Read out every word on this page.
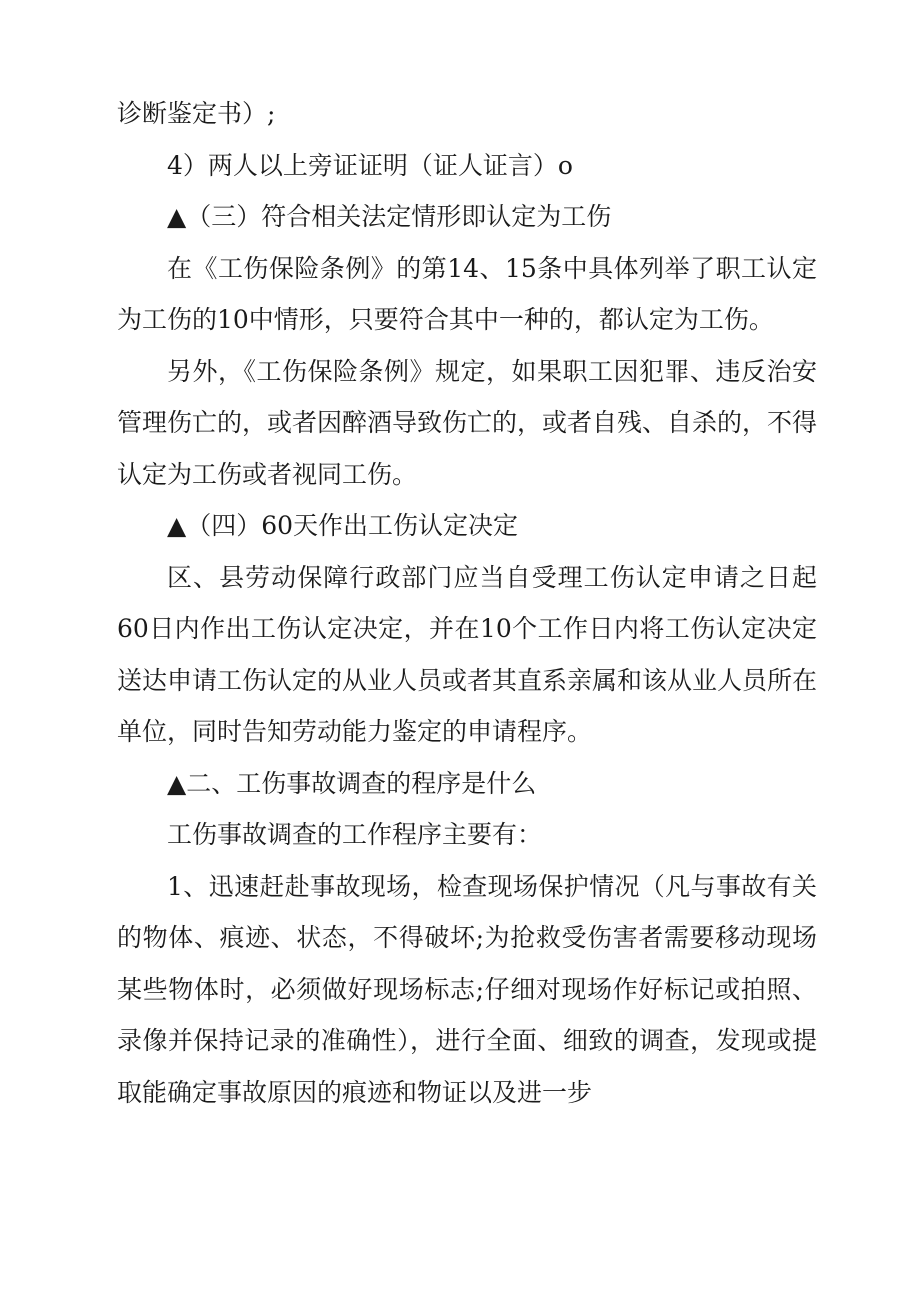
诊断鉴定书）;

4）两人以上旁证证明（证人证言）o

▲（三）符合相关法定情形即认定为工伤

在《工伤保险条例》的第14、15条中具体列举了职工认定为工伤的10中情形，只要符合其中一种的，都认定为工伤。

另外，《工伤保险条例》规定，如果职工因犯罪、违反治安管理伤亡的，或者因醉酒导致伤亡的，或者自残、自杀的，不得认定为工伤或者视同工伤。

▲（四）60天作出工伤认定决定

区、县劳动保障行政部门应当自受理工伤认定申请之日起60日内作出工伤认定决定，并在10个工作日内将工伤认定决定送达申请工伤认定的从业人员或者其直系亲属和该从业人员所在单位，同时告知劳动能力鉴定的申请程序。

▲二、工伤事故调查的程序是什么

工伤事故调查的工作程序主要有：

1、迅速赶赴事故现场，检查现场保护情况（凡与事故有关的物体、痕迹、状态，不得破坏;为抢救受伤害者需要移动现场某些物体时，必须做好现场标志;仔细对现场作好标记或拍照、录像并保持记录的准确性），进行全面、细致的调查，发现或提取能确定事故原因的痕迹和物证以及进一步
